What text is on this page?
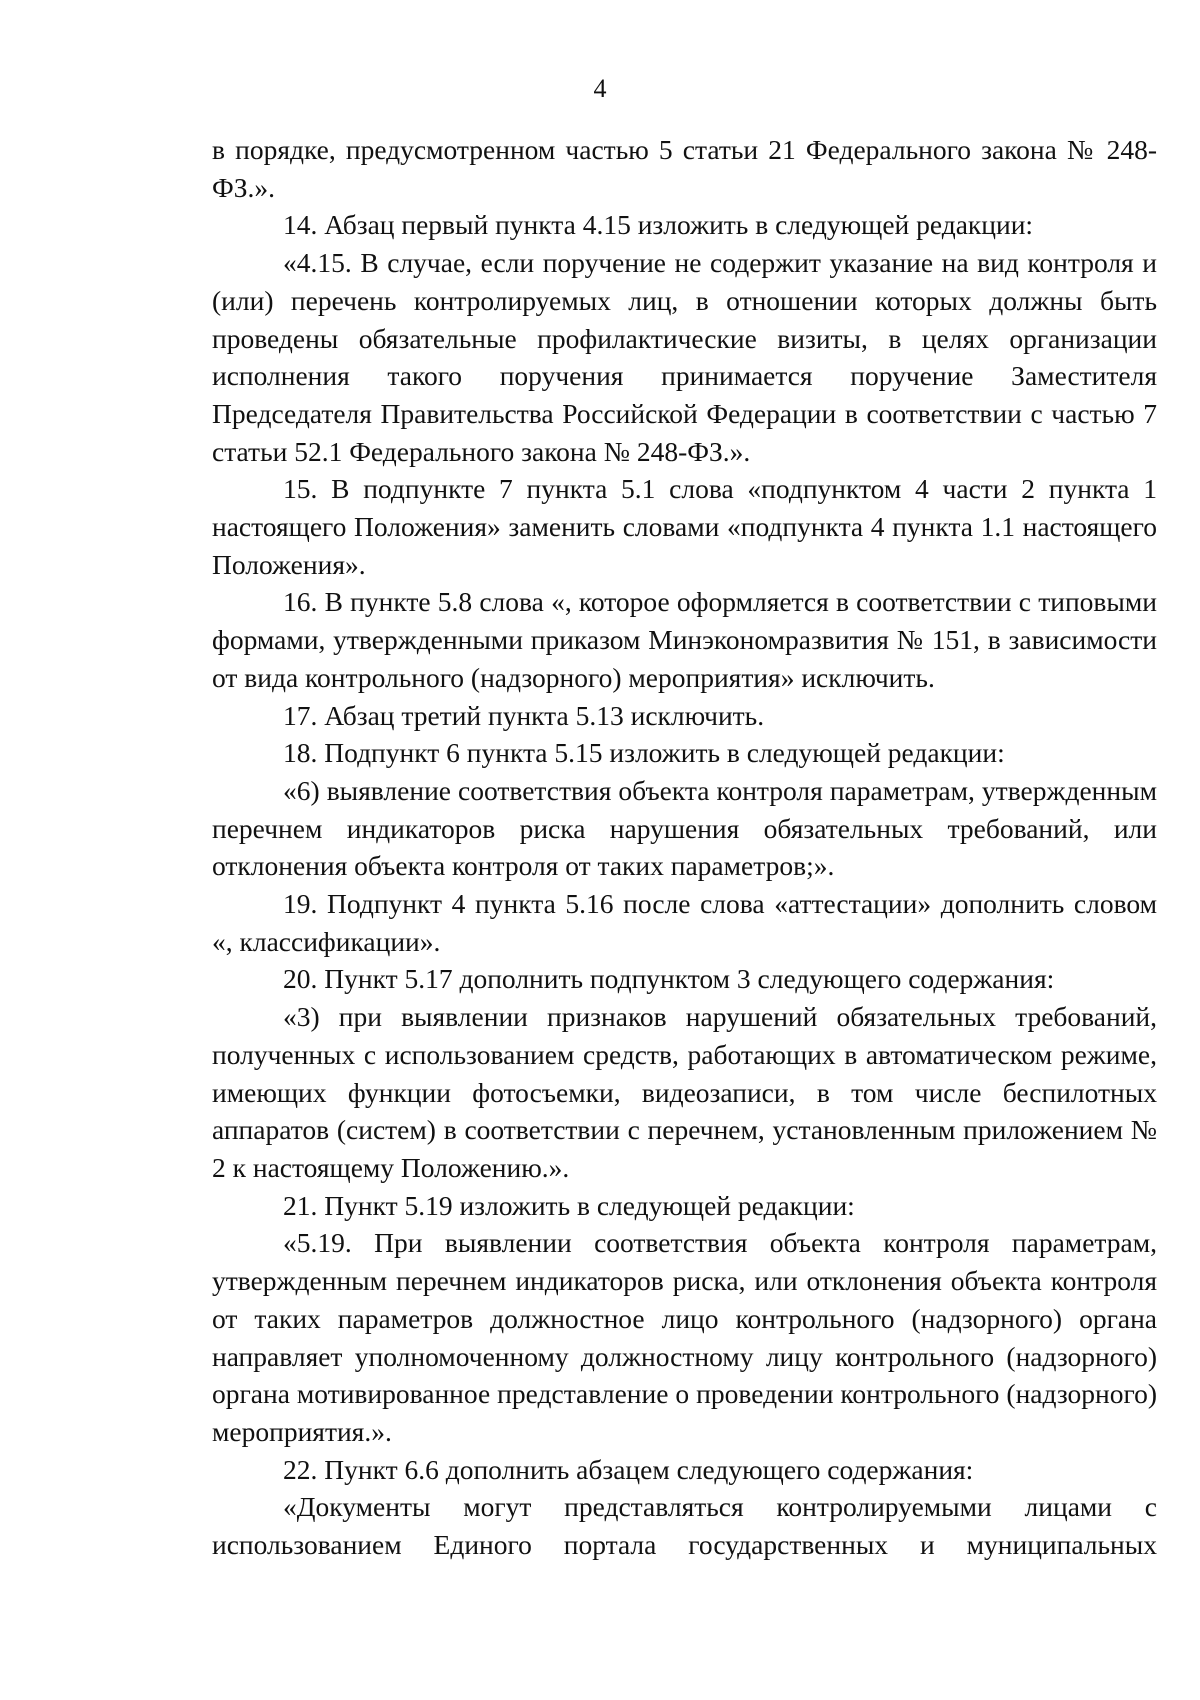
4

в порядке, предусмотренном частью 5 статьи 21 Федерального закона № 248-ФЗ.».

14. Абзац первый пункта 4.15 изложить в следующей редакции:

«4.15. В случае, если поручение не содержит указание на вид контроля и (или) перечень контролируемых лиц, в отношении которых должны быть проведены обязательные профилактические визиты, в целях организации исполнения такого поручения принимается поручение Заместителя Председателя Правительства Российской Федерации в соответствии с частью 7 статьи 52.1 Федерального закона № 248-ФЗ.».

15. В подпункте 7 пункта 5.1 слова «подпунктом 4 части 2 пункта 1 настоящего Положения» заменить словами «подпункта 4 пункта 1.1 настоящего Положения».

16. В пункте 5.8 слова «, которое оформляется в соответствии с типовыми формами, утвержденными приказом Минэкономразвития № 151, в зависимости от вида контрольного (надзорного) мероприятия» исключить.

17. Абзац третий пункта 5.13 исключить.

18. Подпункт 6 пункта 5.15 изложить в следующей редакции:

«6) выявление соответствия объекта контроля параметрам, утвержденным перечнем индикаторов риска нарушения обязательных требований, или отклонения объекта контроля от таких параметров;».

19. Подпункт 4 пункта 5.16 после слова «аттестации» дополнить словом «, классификации».

20. Пункт 5.17 дополнить подпунктом 3 следующего содержания:

«3) при выявлении признаков нарушений обязательных требований, полученных с использованием средств, работающих в автоматическом режиме, имеющих функции фотосъемки, видеозаписи, в том числе беспилотных аппаратов (систем) в соответствии с перечнем, установленным приложением № 2 к настоящему Положению.».

21. Пункт 5.19 изложить в следующей редакции:

«5.19. При выявлении соответствия объекта контроля параметрам, утвержденным перечнем индикаторов риска, или отклонения объекта контроля от таких параметров должностное лицо контрольного (надзорного) органа направляет уполномоченному должностному лицу контрольного (надзорного) органа мотивированное представление о проведении контрольного (надзорного) мероприятия.».

22. Пункт 6.6 дополнить абзацем следующего содержания:

«Документы могут представляться контролируемыми лицами с использованием Единого портала государственных и муниципальных
